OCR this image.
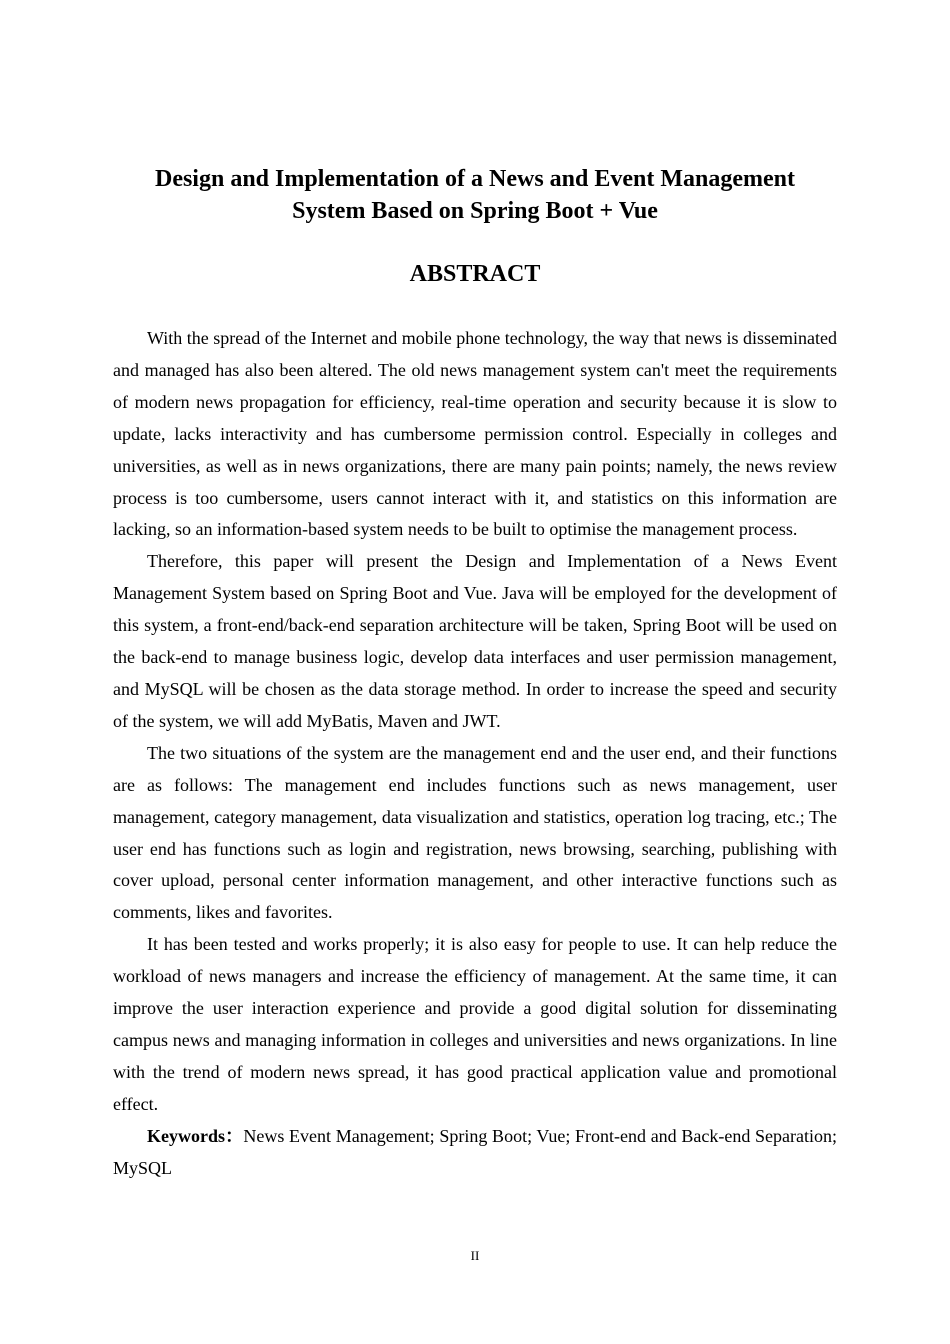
Design and Implementation of a News and Event Management
System Based on Spring Boot + Vue
ABSTRACT

With the spread of the Internet and mobile phone technology, the way that news is disseminated and managed has also been altered. The old news management system can't meet the requirements of modern news propagation for efficiency, real-time operation and security because it is slow to update, lacks interactivity and has cumbersome permission control. Especially in colleges and universities, as well as in news organizations, there are many pain points; namely, the news review process is too cumbersome, users cannot interact with it, and statistics on this information are lacking, so an information-based system needs to be built to optimise the management process.

Therefore, this paper will present the Design and Implementation of a News Event Management System based on Spring Boot and Vue. Java will be employed for the development of this system, a front-end/back-end separation architecture will be taken, Spring Boot will be used on the back-end to manage business logic, develop data interfaces and user permission management, and MySQL will be chosen as the data storage method. In order to increase the speed and security of the system, we will add MyBatis, Maven and JWT.

The two situations of the system are the management end and the user end, and their functions are as follows: The management end includes functions such as news management, user management, category management, data visualization and statistics, operation log tracing, etc.; The user end has functions such as login and registration, news browsing, searching, publishing with cover upload, personal center information management, and other interactive functions such as comments, likes and favorites.

It has been tested and works properly; it is also easy for people to use. It can help reduce the workload of news managers and increase the efficiency of management. At the same time, it can improve the user interaction experience and provide a good digital solution for disseminating campus news and managing information in colleges and universities and news organizations. In line with the trend of modern news spread, it has good practical application value and promotional effect.

Keywords：News Event Management; Spring Boot; Vue; Front-end and Back-end Separation; MySQL

II
